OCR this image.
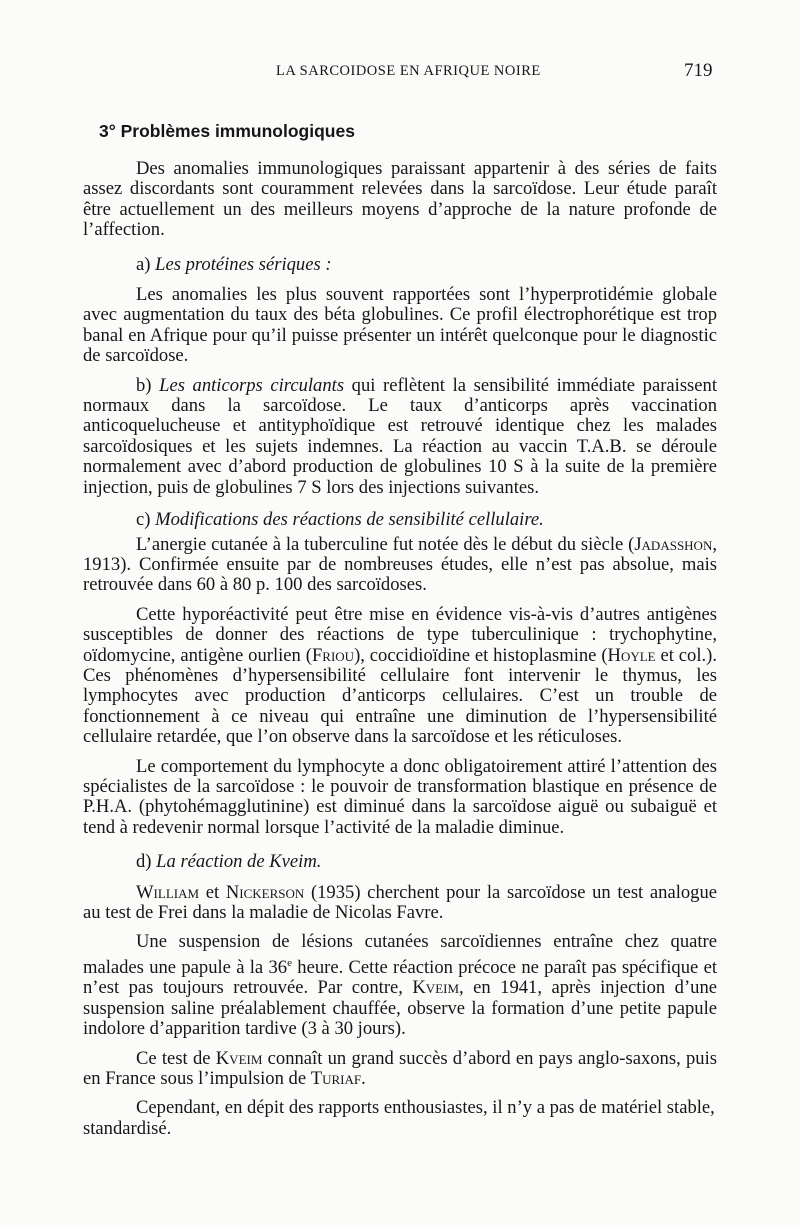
LA SARCOIDOSE EN AFRIQUE NOIRE	719
3° Problèmes immunologiques

Des anomalies immunologiques paraissant appartenir à des séries de faits assez discordants sont couramment relevées dans la sarcoïdose. Leur étude paraît être actuellement un des meilleurs moyens d’approche de la nature profonde de l’affection.

a) Les protéines sériques :

Les anomalies les plus souvent rapportées sont l’hyperprotidémie globale avec augmentation du taux des béta globulines. Ce profil électrophorétique est trop banal en Afrique pour qu’il puisse présenter un intérêt quelconque pour le diagnostic de sarcoïdose.

b) Les anticorps circulants qui reflètent la sensibilité immédiate paraissent normaux dans la sarcoïdose. Le taux d’anticorps après vaccination anticoquelucheuse et antityphoïdique est retrouvé identique chez les malades sarcoïdosiques et les sujets indemnes. La réaction au vaccin T.A.B. se déroule normalement avec d’abord production de globulines 10 S à la suite de la première injection, puis de globulines 7 S lors des injections suivantes.

c) Modifications des réactions de sensibilité cellulaire.

L’anergie cutanée à la tuberculine fut notée dès le début du siècle (Jadasshon, 1913). Confirmée ensuite par de nombreuses études, elle n’est pas absolue, mais retrouvée dans 60 à 80 p. 100 des sarcoïdoses.

Cette hyporéactivité peut être mise en évidence vis-à-vis d’autres antigènes susceptibles de donner des réactions de type tuberculinique : trychophytine, oïdomycine, antigène ourlien (Friou), coccidioïdine et histoplasmine (Hoyle et col.). Ces phénomènes d’hypersensibilité cellulaire font intervenir le thymus, les lymphocytes avec production d’anticorps cellulaires. C’est un trouble de fonctionnement à ce niveau qui entraîne une diminution de l’hypersensibilité cellulaire retardée, que l’on observe dans la sarcoïdose et les réticuloses.

Le comportement du lymphocyte a donc obligatoirement attiré l’attention des spécialistes de la sarcoïdose : le pouvoir de transformation blastique en présence de P.H.A. (phytohémagglutinine) est diminué dans la sarcoïdose aiguë ou subaiguë et tend à redevenir normal lorsque l’activité de la maladie diminue.

d) La réaction de Kveim.

William et Nickerson (1935) cherchent pour la sarcoïdose un test analogue au test de Frei dans la maladie de Nicolas Favre.

Une suspension de lésions cutanées sarcoïdiennes entraîne chez quatre malades une papule à la 36e heure. Cette réaction précoce ne paraît pas spécifique et n’est pas toujours retrouvée. Par contre, Kveim, en 1941, après injection d’une suspension saline préalablement chauffée, observe la formation d’une petite papule indolore d’apparition tardive (3 à 30 jours).

Ce test de Kveim connaît un grand succès d’abord en pays anglo-saxons, puis en France sous l’impulsion de Turiaf.

Cependant, en dépit des rapports enthousiastes, il n’y a pas de matériel stable, standardisé.
